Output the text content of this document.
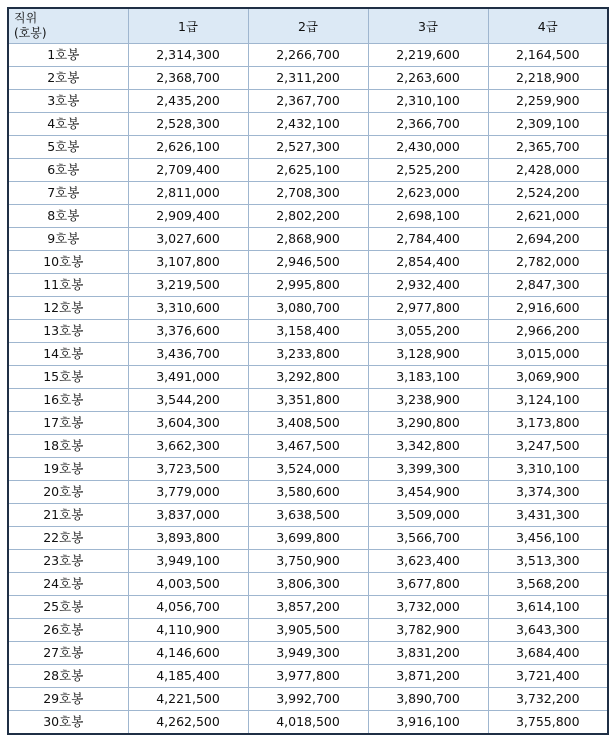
직위
(호봉)	1급	2급	3급	4급
1호봉	2,314,300	2,266,700	2,219,600	2,164,500
2호봉	2,368,700	2,311,200	2,263,600	2,218,900
3호봉	2,435,200	2,367,700	2,310,100	2,259,900
4호봉	2,528,300	2,432,100	2,366,700	2,309,100
5호봉	2,626,100	2,527,300	2,430,000	2,365,700
6호봉	2,709,400	2,625,100	2,525,200	2,428,000
7호봉	2,811,000	2,708,300	2,623,000	2,524,200
8호봉	2,909,400	2,802,200	2,698,100	2,621,000
9호봉	3,027,600	2,868,900	2,784,400	2,694,200
10호봉	3,107,800	2,946,500	2,854,400	2,782,000
11호봉	3,219,500	2,995,800	2,932,400	2,847,300
12호봉	3,310,600	3,080,700	2,977,800	2,916,600
13호봉	3,376,600	3,158,400	3,055,200	2,966,200
14호봉	3,436,700	3,233,800	3,128,900	3,015,000
15호봉	3,491,000	3,292,800	3,183,100	3,069,900
16호봉	3,544,200	3,351,800	3,238,900	3,124,100
17호봉	3,604,300	3,408,500	3,290,800	3,173,800
18호봉	3,662,300	3,467,500	3,342,800	3,247,500
19호봉	3,723,500	3,524,000	3,399,300	3,310,100
20호봉	3,779,000	3,580,600	3,454,900	3,374,300
21호봉	3,837,000	3,638,500	3,509,000	3,431,300
22호봉	3,893,800	3,699,800	3,566,700	3,456,100
23호봉	3,949,100	3,750,900	3,623,400	3,513,300
24호봉	4,003,500	3,806,300	3,677,800	3,568,200
25호봉	4,056,700	3,857,200	3,732,000	3,614,100
26호봉	4,110,900	3,905,500	3,782,900	3,643,300
27호봉	4,146,600	3,949,300	3,831,200	3,684,400
28호봉	4,185,400	3,977,800	3,871,200	3,721,400
29호봉	4,221,500	3,992,700	3,890,700	3,732,200
30호봉	4,262,500	4,018,500	3,916,100	3,755,800
